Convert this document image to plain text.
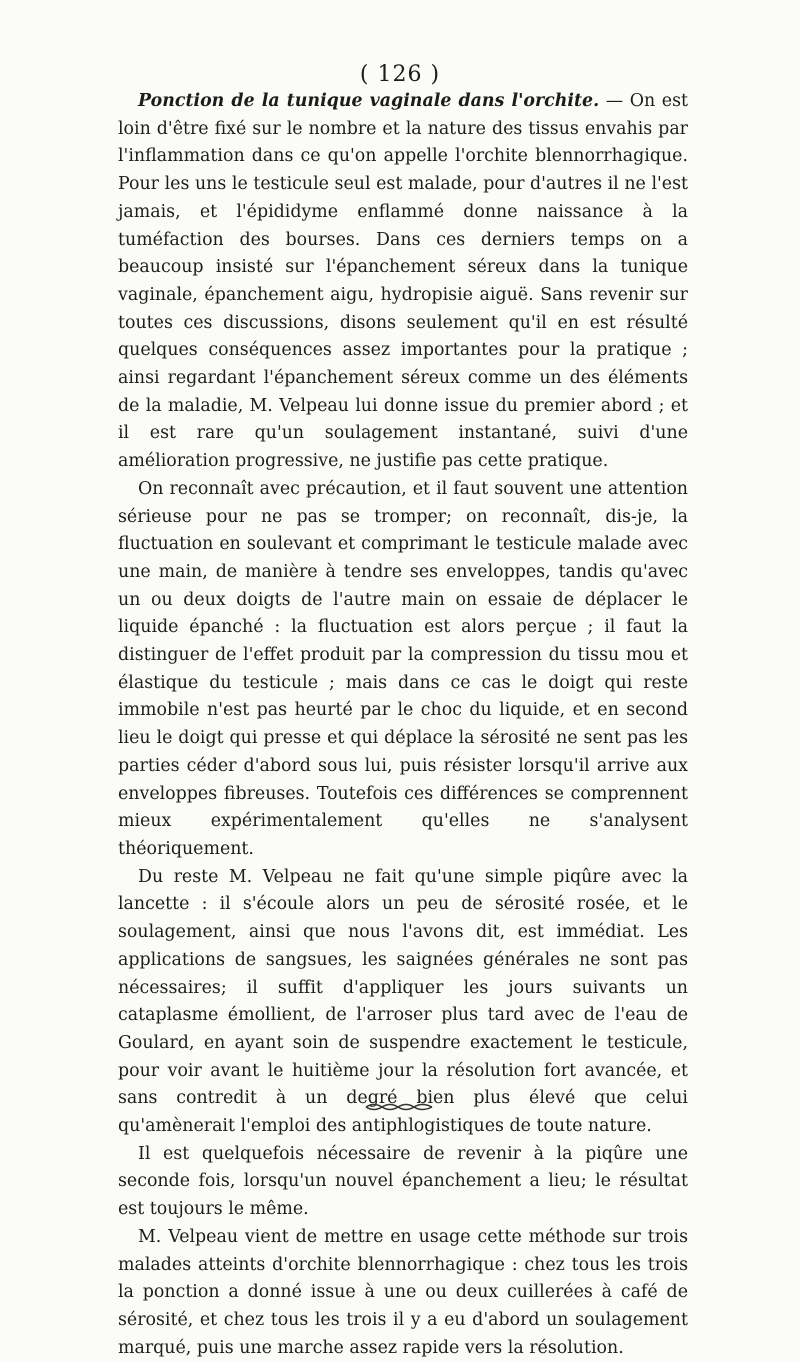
( 126 )

Ponction de la tunique vaginale dans l'orchite. — On est loin d'être fixé sur le nombre et la nature des tissus envahis par l'inflammation dans ce qu'on appelle l'orchite blennorrhagique. Pour les uns le testicule seul est malade, pour d'autres il ne l'est jamais, et l'épididyme enflammé donne naissance à la tuméfaction des bourses. Dans ces derniers temps on a beaucoup insisté sur l'épanchement séreux dans la tunique vaginale, épanchement aigu, hydropisie aiguë. Sans revenir sur toutes ces discussions, disons seulement qu'il en est résulté quelques conséquences assez importantes pour la pratique ; ainsi regardant l'épanchement séreux comme un des éléments de la maladie, M. Velpeau lui donne issue du premier abord ; et il est rare qu'un soulagement instantané, suivi d'une amélioration progressive, ne justifie pas cette pratique.

On reconnaît avec précaution, et il faut souvent une attention sérieuse pour ne pas se tromper; on reconnaît, dis-je, la fluctuation en soulevant et comprimant le testicule malade avec une main, de manière à tendre ses enveloppes, tandis qu'avec un ou deux doigts de l'autre main on essaie de déplacer le liquide épanché : la fluctuation est alors perçue ; il faut la distinguer de l'effet produit par la compression du tissu mou et élastique du testicule ; mais dans ce cas le doigt qui reste immobile n'est pas heurté par le choc du liquide, et en second lieu le doigt qui presse et qui déplace la sérosité ne sent pas les parties céder d'abord sous lui, puis résister lorsqu'il arrive aux enveloppes fibreuses. Toutefois ces différences se comprennent mieux expérimentalement qu'elles ne s'analysent théoriquement.

Du reste M. Velpeau ne fait qu'une simple piqûre avec la lancette : il s'écoule alors un peu de sérosité rosée, et le soulagement, ainsi que nous l'avons dit, est immédiat. Les applications de sangsues, les saignées générales ne sont pas nécessaires; il suffit d'appliquer les jours suivants un cataplasme émollient, de l'arroser plus tard avec de l'eau de Goulard, en ayant soin de suspendre exactement le testicule, pour voir avant le huitième jour la résolution fort avancée, et sans contredit à un degré bien plus élevé que celui qu'amènerait l'emploi des antiphlogistiques de toute nature.

Il est quelquefois nécessaire de revenir à la piqûre une seconde fois, lorsqu'un nouvel épanchement a lieu; le résultat est toujours le même.

M. Velpeau vient de mettre en usage cette méthode sur trois malades atteints d'orchite blennorrhagique : chez tous les trois la ponction a donné issue à une ou deux cuillerées à café de sérosité, et chez tous les trois il y a eu d'abord un soulagement marqué, puis une marche assez rapide vers la résolution.
